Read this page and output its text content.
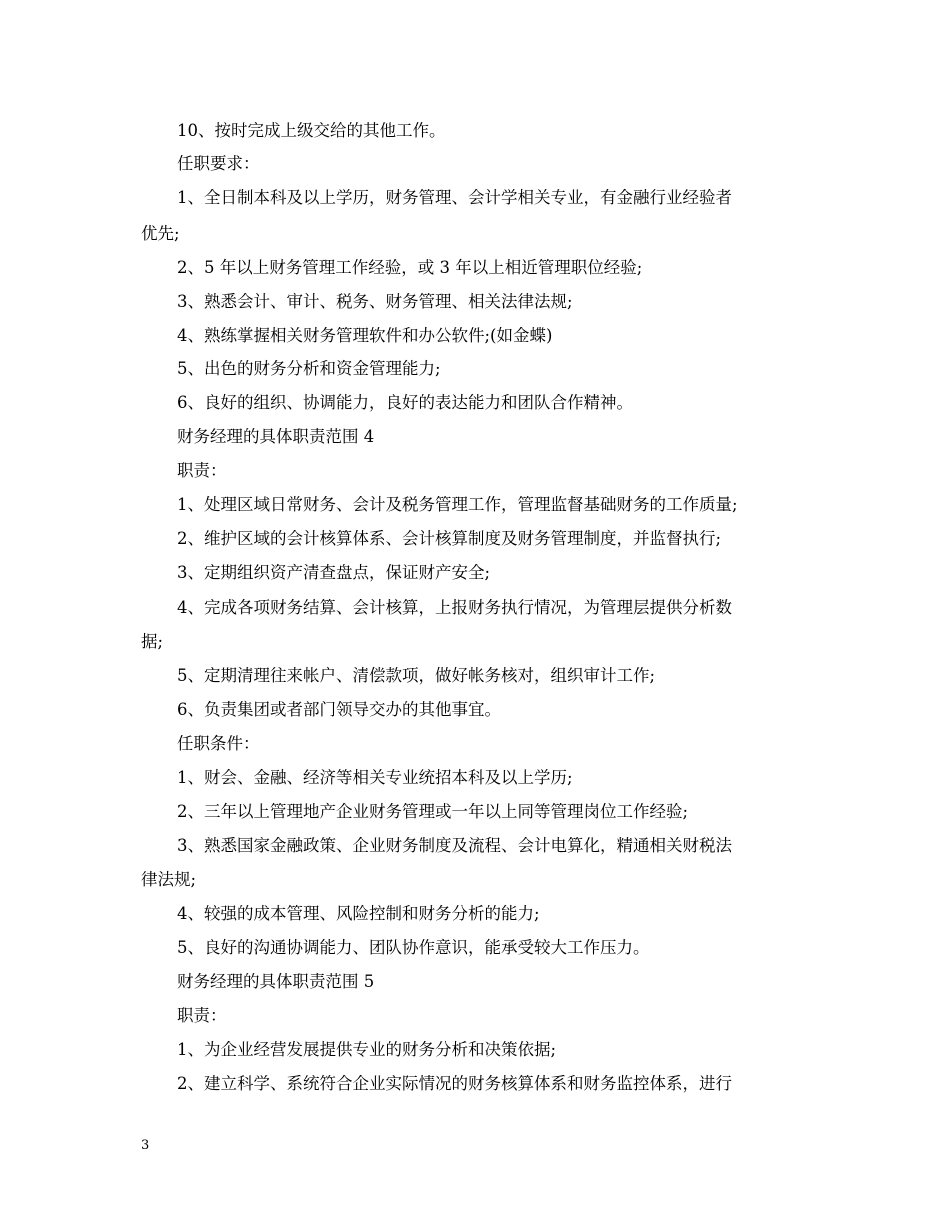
10、按时完成上级交给的其他工作。
任职要求：
1、全日制本科及以上学历，财务管理、会计学相关专业，有金融行业经验者
优先;
2、5 年以上财务管理工作经验，或 3 年以上相近管理职位经验;
3、熟悉会计、审计、税务、财务管理、相关法律法规;
4、熟练掌握相关财务管理软件和办公软件;(如金蝶)
5、出色的财务分析和资金管理能力;
6、良好的组织、协调能力，良好的表达能力和团队合作精神。
财务经理的具体职责范围 4
职责：
1、处理区域日常财务、会计及税务管理工作，管理监督基础财务的工作质量;
2、维护区域的会计核算体系、会计核算制度及财务管理制度，并监督执行;
3、定期组织资产清查盘点，保证财产安全;
4、完成各项财务结算、会计核算，上报财务执行情况，为管理层提供分析数
据;
5、定期清理往来帐户、清偿款项，做好帐务核对，组织审计工作;
6、负责集团或者部门领导交办的其他事宜。
任职条件：
1、财会、金融、经济等相关专业统招本科及以上学历;
2、三年以上管理地产企业财务管理或一年以上同等管理岗位工作经验;
3、熟悉国家金融政策、企业财务制度及流程、会计电算化，精通相关财税法
律法规;
4、较强的成本管理、风险控制和财务分析的能力;
5、良好的沟通协调能力、团队协作意识，能承受较大工作压力。
财务经理的具体职责范围 5
职责：
1、为企业经营发展提供专业的财务分析和决策依据;
2、建立科学、系统符合企业实际情况的财务核算体系和财务监控体系，进行
3
